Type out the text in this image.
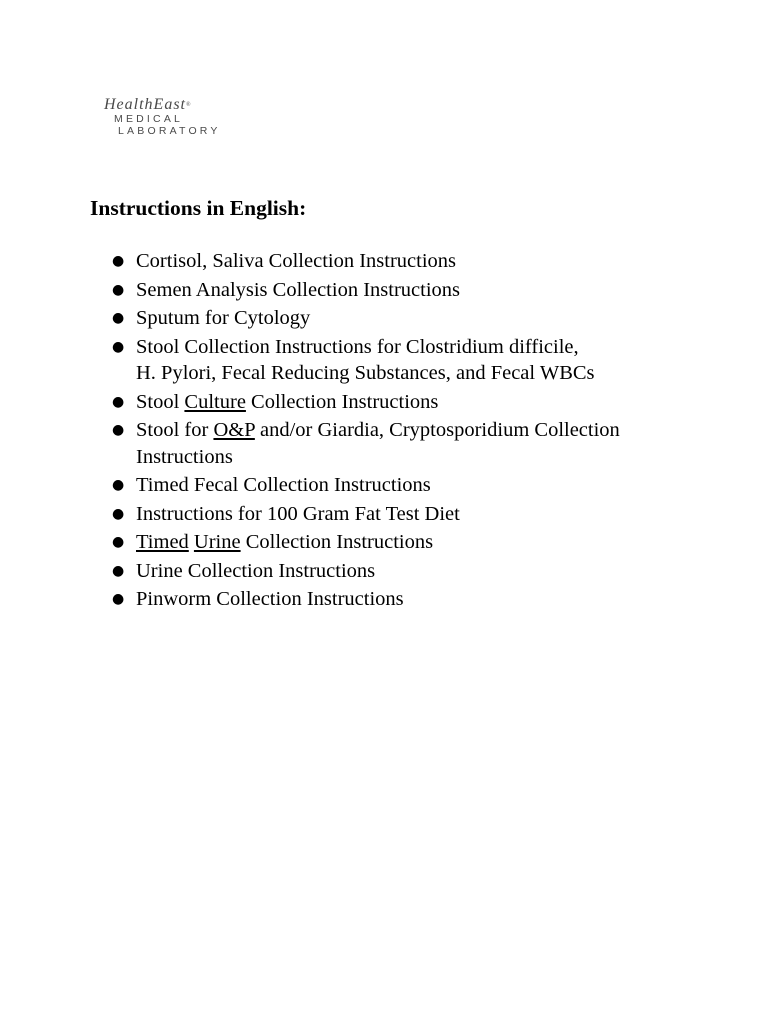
HealthEast®
MEDICAL
LABORATORY
Instructions in English:
● Cortisol, Saliva Collection Instructions
● Semen Analysis Collection Instructions
● Sputum for Cytology
● Stool Collection Instructions for Clostridium difficile,
H. Pylori, Fecal Reducing Substances, and Fecal WBCs
● Stool Culture Collection Instructions
● Stool for O&P and/or Giardia, Cryptosporidium Collection
Instructions
● Timed Fecal Collection Instructions
● Instructions for 100 Gram Fat Test Diet
● Timed Urine Collection Instructions
● Urine Collection Instructions
● Pinworm Collection Instructions
